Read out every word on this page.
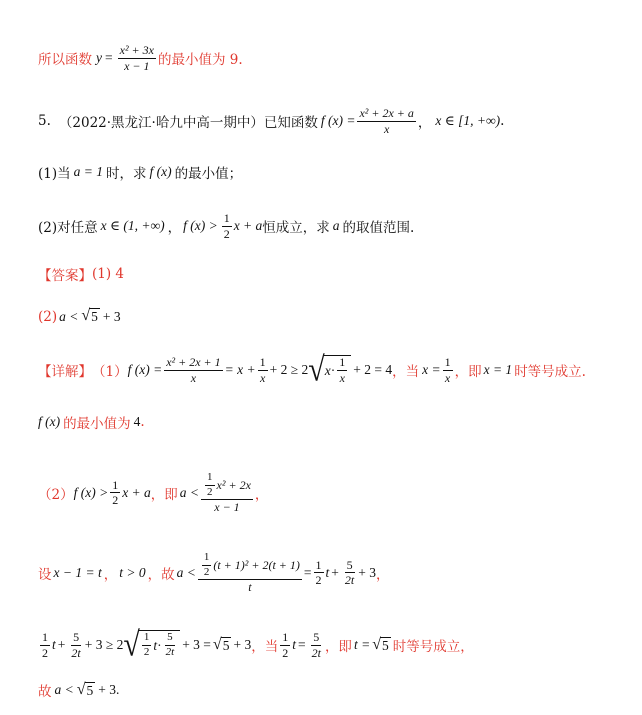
所以函数 $y = \frac{\text{x² + 3x}}{x - 1}$ 的最小值为 9.
5. （2022·黑龙江·哈九中高一期中）已知函数 f $(x) = \frac{\text{x² + 2x + a}}{x}$ ， x ∈ [1, +∞) .
(1)当 a = 1 时，求 f (x) 的最小值；
(2)对任意 x ∈ (1, +∞) ， f $(x) > \frac{1}{2}$ x + a 恒成立，求 a 的取值范围.
【答案】 (1) 4
(2) a < √ 5 + 3
【详解】 （1） f $(x) = \frac{\text{x² + 2x + 1}}{x} = x + \frac{1}{x} + 2 \ge 2$ √ $x \cdot \frac{1}{x} + 2 = 4$ ，当 $x = \frac{1}{x}$ ，即 x = 1 时等号成立.
f (x) 的最小值为 4 .
（2） f $(x) > \frac{1}{2}$ x + a ，即 $a < \frac{\frac{1}{2} x^2 + 2x}{x - 1}$ ，
设 x − 1 = t ， t > 0 ，故 $a < \frac{\frac{1}{2} (t + 1)^2 + 2(t + 1)}{t} = \frac{1}{2}$ $t + \frac{5}{2t} + 3$ ，
$\frac{1}{2}$ $t + \frac{5}{2t} + 3 \ge 2$ √ $\frac{1}{2}$ $t \cdot \frac{5}{2t} + 3$ = √ 5 + 3 ，当 $\frac{1}{2}$ $t = \frac{5}{2t}$ ，即 t = √ 5 时等号成立，
故 a < √ 5 + 3.
